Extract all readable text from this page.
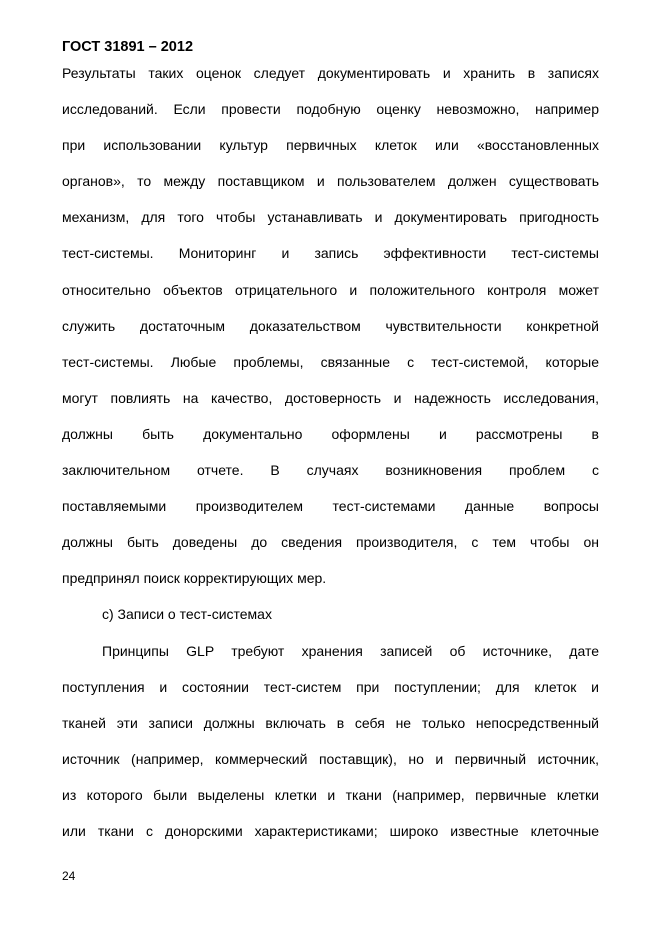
ГОСТ 31891 – 2012
Результаты таких оценок следует документировать и хранить в записях
исследований. Если провести подобную оценку невозможно, например
при использовании культур первичных клеток или «восстановленных
органов», то между поставщиком и пользователем должен существовать
механизм, для того чтобы устанавливать и документировать пригодность
тест-системы. Мониторинг и запись эффективности тест-системы
относительно объектов отрицательного и положительного контроля может
служить достаточным доказательством чувствительности конкретной
тест-системы. Любые проблемы, связанные с тест-системой, которые
могут повлиять на качество, достоверность и надежность исследования,
должны быть документально оформлены и рассмотрены в
заключительном отчете. В случаях возникновения проблем с
поставляемыми производителем тест-системами данные вопросы
должны быть доведены до сведения производителя, с тем чтобы он
предпринял поиск корректирующих мер.
с) Записи о тест-системах
Принципы GLP требуют хранения записей об источнике, дате
поступления и состоянии тест-систем при поступлении; для клеток и
тканей эти записи должны включать в себя не только непосредственный
источник (например, коммерческий поставщик), но и первичный источник,
из которого были выделены клетки и ткани (например, первичные клетки
или ткани с донорскими характеристиками; широко известные клеточные
24
